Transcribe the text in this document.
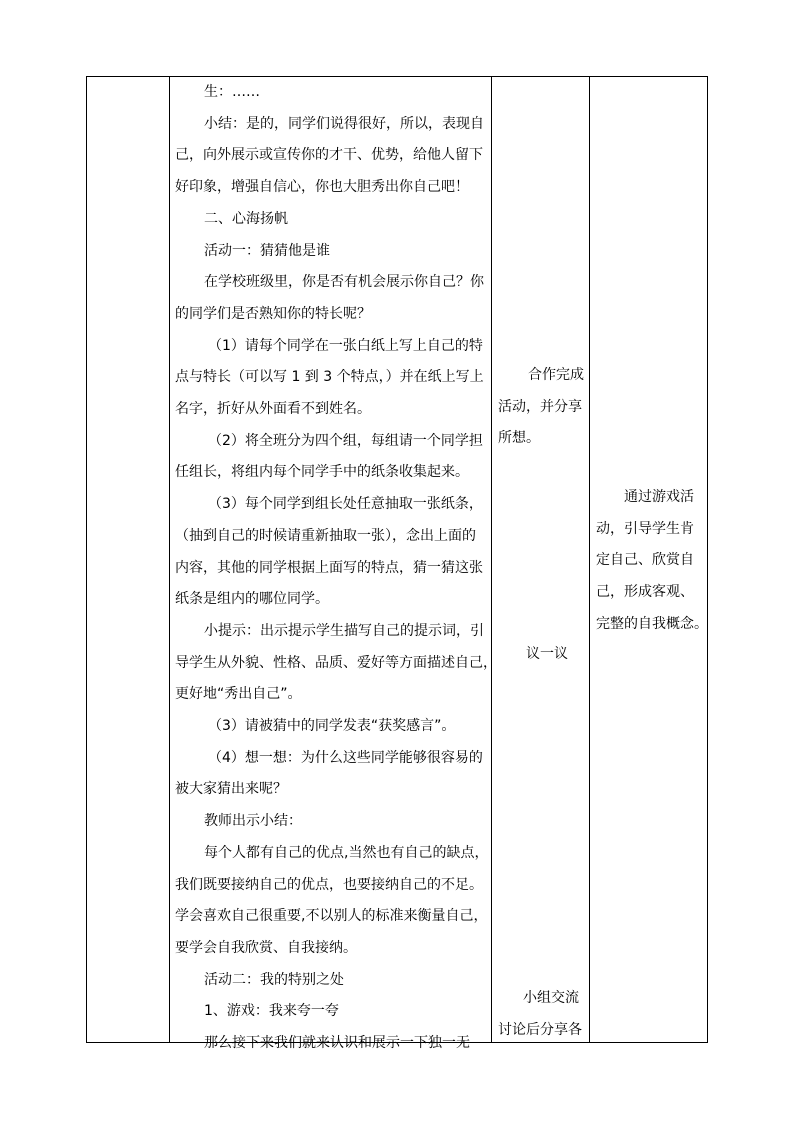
生：……

小结：是的，同学们说得很好，所以，表现自

己，向外展示或宣传你的才干、优势，给他人留下

好印象，增强自信心，你也大胆秀出你自己吧！

二、心海扬帆

活动一：猜猜他是谁

在学校班级里，你是否有机会展示你自己？你

的同学们是否熟知你的特长呢？

（1）请每个同学在一张白纸上写上自己的特

点与特长（可以写 1 到 3 个特点，）并在纸上写上

名字，折好从外面看不到姓名。

（2）将全班分为四个组，每组请一个同学担

任组长，将组内每个同学手中的纸条收集起来。

（3）每个同学到组长处任意抽取一张纸条，

（抽到自己的时候请重新抽取一张），念出上面的

内容，其他的同学根据上面写的特点，猜一猜这张

纸条是组内的哪位同学。

小提示：出示提示学生描写自己的提示词，引

导学生从外貌、性格、品质、爱好等方面描述自己，

更好地“秀出自己”。

（3）请被猜中的同学发表“获奖感言”。

（4）想一想：为什么这些同学能够很容易的

被大家猜出来呢？

教师出示小结：

每个人都有自己的优点,当然也有自己的缺点，

我们既要接纳自己的优点，也要接纳自己的不足。

学会喜欢自己很重要,不以别人的标准来衡量自己，

要学会自我欣赏、自我接纳。

活动二：我的特别之处

1、游戏：我来夸一夸

那么接下来我们就来认识和展示一下独一无

合作完成

活动，并分享

所想。

议一议

小组交流

讨论后分享各

通过游戏活

动，引导学生肯

定自己、欣赏自

己，形成客观、

完整的自我概念。
